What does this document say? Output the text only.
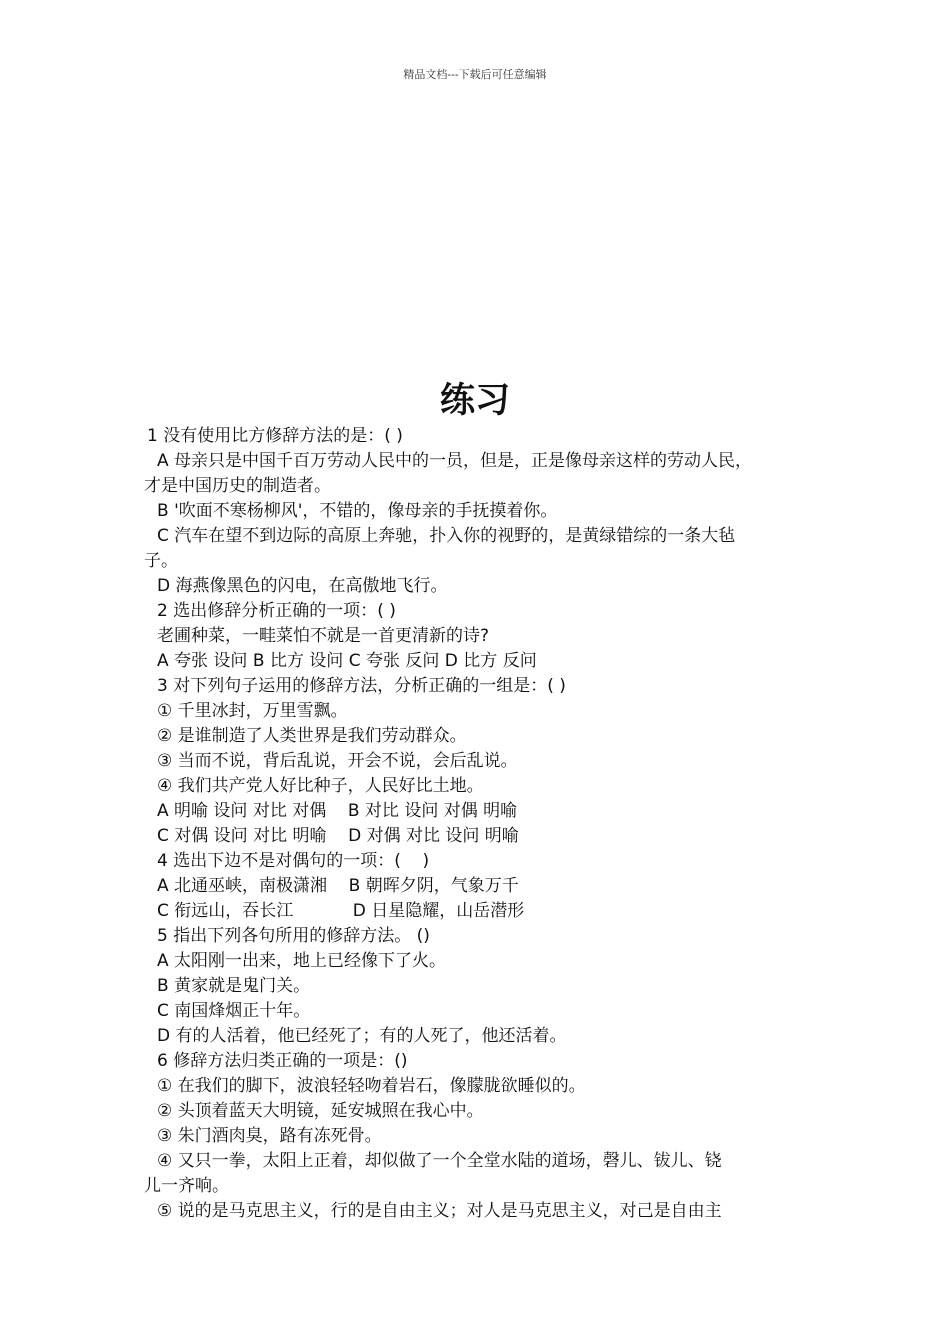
精品文档---下载后可任意编辑
练习
1 没有使用比方修辞方法的是：( )
A 母亲只是中国千百万劳动人民中的一员，但是，正是像母亲这样的劳动人民，
才是中国历史的制造者。
B '吹面不寒杨柳风'，不错的，像母亲的手抚摸着你。
C 汽车在望不到边际的高原上奔驰，扑入你的视野的，是黄绿错综的一条大毡
子。
D 海燕像黑色的闪电，在高傲地飞行。
2 选出修辞分析正确的一项：( )
老圃种菜，一畦菜怕不就是一首更清新的诗?
A 夸张 设问 B 比方 设问 C 夸张 反问 D 比方 反问
3 对下列句子运用的修辞方法，分析正确的一组是：( )
① 千里冰封，万里雪飘。
② 是谁制造了人类世界是我们劳动群众。
③ 当而不说，背后乱说，开会不说，会后乱说。
④ 我们共产党人好比种子，人民好比土地。
A 明喻 设问 对比 对偶    B 对比 设问 对偶 明喻
C 对偶 设问 对比 明喻    D 对偶 对比 设问 明喻
4 选出下边不是对偶句的一项：(    )
A 北通巫峡，南极潇湘    B 朝晖夕阴，气象万千
C 衔远山，吞长江           D 日星隐耀，山岳潜形
5 指出下列各句所用的修辞方法。 ()
A 太阳刚一出来，地上已经像下了火。
B 黄家就是鬼门关。
C 南国烽烟正十年。
D 有的人活着，他已经死了；有的人死了，他还活着。
6 修辞方法归类正确的一项是：()
① 在我们的脚下，波浪轻轻吻着岩石，像朦胧欲睡似的。
② 头顶着蓝天大明镜，延安城照在我心中。
③ 朱门酒肉臭，路有冻死骨。
④ 又只一拳，太阳上正着，却似做了一个全堂水陆的道场，磬儿、钹儿、铙
儿一齐响。
⑤ 说的是马克思主义，行的是自由主义；对人是马克思主义，对己是自由主
